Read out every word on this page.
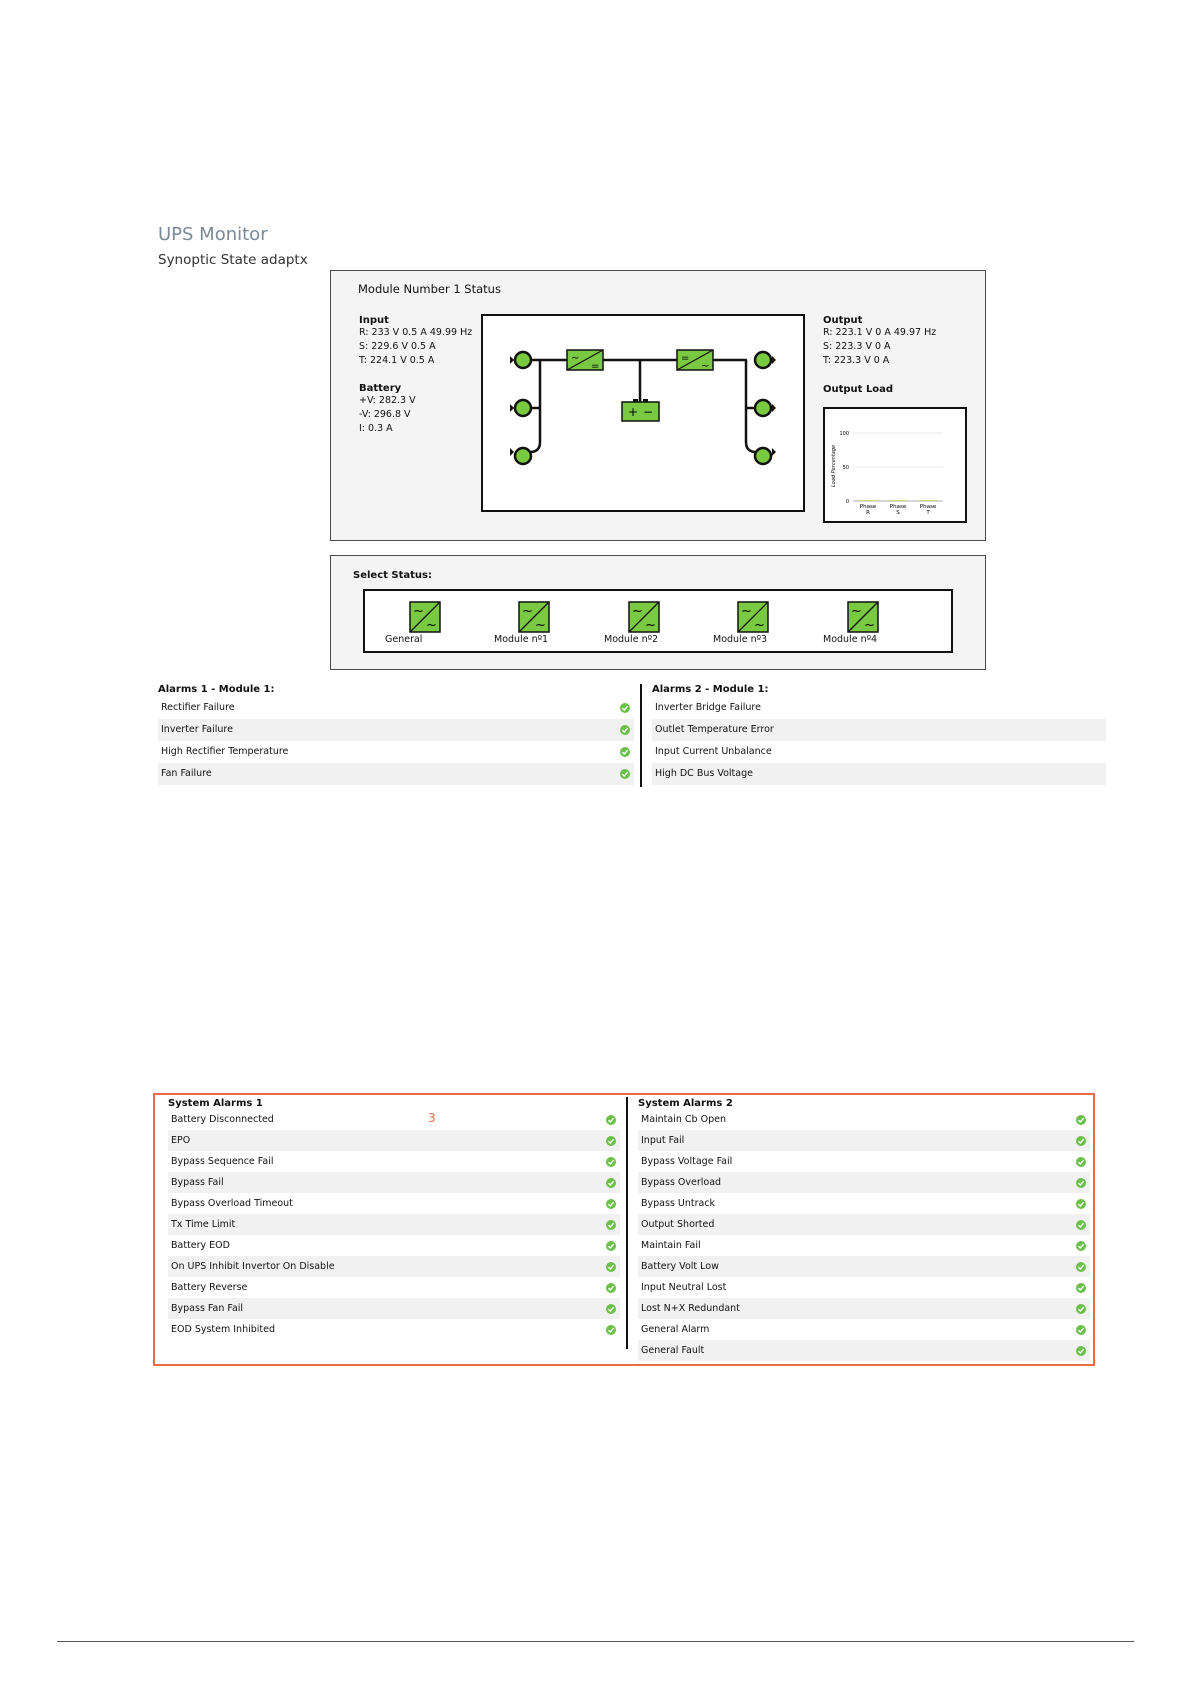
UPS Monitor
Synoptic State adaptx
Module Number 1 Status
Input
R: 233 V 0.5 A 49.99 Hz
S: 229.6 V 0.5 A
T: 224.1 V 0.5 A
Battery
+V: 282.3 V
-V: 296.8 V
I: 0.3 A
Output
R: 223.1 V 0 A 49.97 Hz
S: 223.3 V 0 A
T: 223.3 V 0 A
Output Load
~
=
=
~
+ −
Load Percentage
100
50
0
Phase
R
Phase
S
Phase
T
Select Status:
~
~
General
~
~
Module nº1
~
~
Module nº2
~
~
Module nº3
~
~
Module nº4
Alarms 1 - Module 1:	Alarms 2 - Module 1:
Rectifier Failure
Inverter Failure
High Rectifier Temperature
Fan Failure
Inverter Bridge Failure
Outlet Temperature Error
Input Current Unbalance
High DC Bus Voltage
System Alarms 1	System Alarms 2
3
Battery Disconnected
EPO
Bypass Sequence Fail
Bypass Fail
Bypass Overload Timeout
Tx Time Limit
Battery EOD
On UPS Inhibit Invertor On Disable
Battery Reverse
Bypass Fan Fail
EOD System Inhibited
Maintain Cb Open
Input Fail
Bypass Voltage Fail
Bypass Overload
Bypass Untrack
Output Shorted
Maintain Fail
Battery Volt Low
Input Neutral Lost
Lost N+X Redundant
General Alarm
General Fault
